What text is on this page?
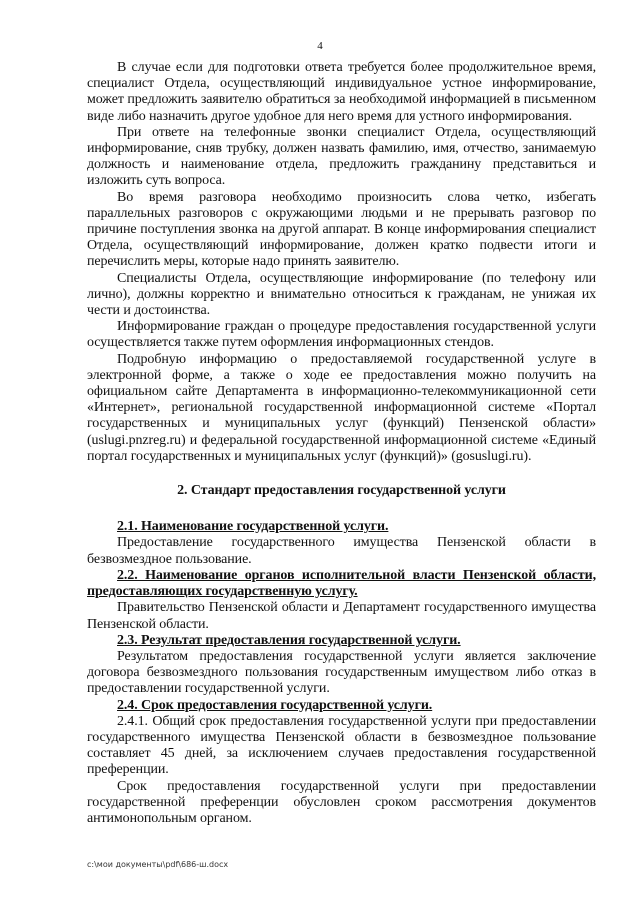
4

В случае если для подготовки ответа требуется более продолжительное время, специалист Отдела, осуществляющий индивидуальное устное информирование, может предложить заявителю обратиться за необходимой информацией в письменном виде либо назначить другое удобное для него время для устного информирования.

При ответе на телефонные звонки специалист Отдела, осуществляющий информирование, сняв трубку, должен назвать фамилию, имя, отчество, занимаемую должность и наименование отдела, предложить гражданину представиться и изложить суть вопроса.

Во время разговора необходимо произносить слова четко, избегать параллельных разговоров с окружающими людьми и не прерывать разговор по причине поступления звонка на другой аппарат. В конце информирования специалист Отдела, осуществляющий информирование, должен кратко подвести итоги и перечислить меры, которые надо принять заявителю.

Специалисты Отдела, осуществляющие информирование (по телефону или лично), должны корректно и внимательно относиться к гражданам, не унижая их чести и достоинства.

Информирование граждан о процедуре предоставления государственной услуги осуществляется также путем оформления информационных стендов.

Подробную информацию о предоставляемой государственной услуге в электронной форме, а также о ходе ее предоставления можно получить на официальном сайте Департамента в информационно-телекоммуникационной сети «Интернет», региональной государственной информационной системе «Портал государственных и муниципальных услуг (функций) Пензенской области» (uslugi.pnzreg.ru) и федеральной государственной информационной системе «Единый портал государственных и муниципальных услуг (функций)» (gosuslugi.ru).

2. Стандарт предоставления государственной услуги

2.1. Наименование государственной услуги.

Предоставление государственного имущества Пензенской области в безвозмездное пользование.

2.2. Наименование органов исполнительной власти Пензенской области, предоставляющих государственную услугу.

Правительство Пензенской области и Департамент государственного имущества Пензенской области.

2.3. Результат предоставления государственной услуги.

Результатом предоставления государственной услуги является заключение договора безвозмездного пользования государственным имуществом либо отказ в предоставлении государственной услуги.

2.4. Срок предоставления государственной услуги.

2.4.1. Общий срок предоставления государственной услуги при предоставлении государственного имущества Пензенской области в безвозмездное пользование составляет 45 дней, за исключением случаев предоставления государственной преференции.

Срок предоставления государственной услуги при предоставлении государственной преференции обусловлен сроком рассмотрения документов антимонопольным органом.

c:\мои документы\pdf\686-ш.docx
